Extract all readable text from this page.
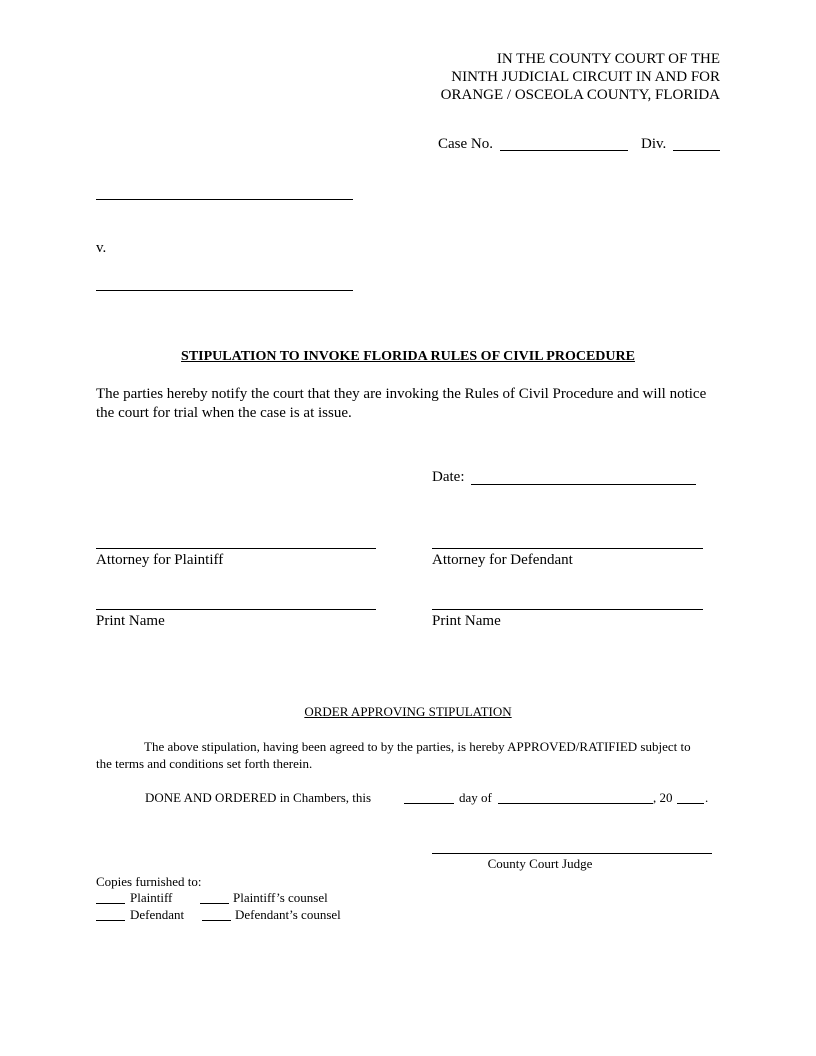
IN THE COUNTY COURT OF THE
NINTH JUDICIAL CIRCUIT IN AND FOR
ORANGE / OSCEOLA COUNTY, FLORIDA
Case No.	Div.
v.
STIPULATION TO INVOKE FLORIDA RULES OF CIVIL PROCEDURE
The parties hereby notify the court that they are invoking the Rules of Civil Procedure and will notice the court for trial when the case is at issue.
Date:
Attorney for Plaintiff	Attorney for Defendant
Print Name	Print Name
ORDER APPROVING STIPULATION
The above stipulation, having been agreed to by the parties, is hereby APPROVED/RATIFIED subject to the terms and conditions set forth therein.
DONE AND ORDERED in Chambers, this	day of	, 20	.
County Court Judge
Copies furnished to:
Plaintiff	Plaintiff’s counsel
Defendant	Defendant’s counsel
